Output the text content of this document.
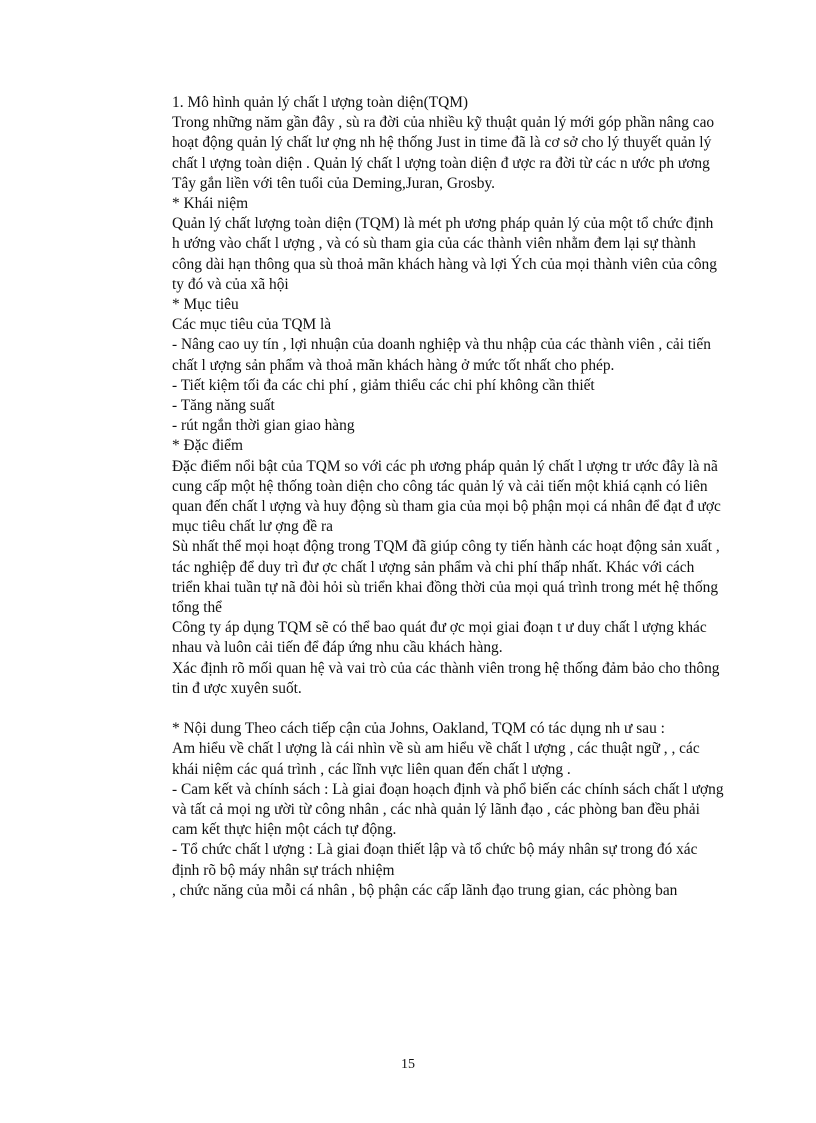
1. Mô hình quản lý chất l ượng toàn diện(TQM)

Trong những năm gần đây , sù ra đời của nhiều kỹ thuật quản lý mới góp phần nâng cao hoạt động quản lý chất lư ợng nh hệ thống Just in time đã là cơ sở cho lý thuyết quản lý chất l ượng toàn diện . Quản lý chất l ượng toàn diện đ ược ra đời từ các n ước ph ương Tây gắn liền với tên tuổi của Deming,Juran, Grosby.

* Khái niệm

Quản lý chất lượng toàn diện (TQM) là mét ph ương pháp quản lý của một tổ chức định h ướng vào chất l ượng , và có sù tham gia của các thành viên nhằm đem lại sự thành công dài hạn thông qua sù thoả mãn khách hàng và lợi Ých của mọi thành viên của công ty đó và của xã hội

* Mục tiêu

Các mục tiêu của TQM là

- Nâng cao uy tín , lợi nhuận của doanh nghiệp và thu nhập của các thành viên , cải tiến chất l ượng sản phẩm và thoả mãn khách hàng ở mức tốt nhất cho phép.

- Tiết kiệm tối đa các chi phí , giảm thiểu các chi phí không cần thiết

- Tăng năng suất

- rút ngắn thời gian giao hàng

* Đặc điểm

Đặc điểm nổi bật của TQM so với các ph ương pháp quản lý chất l ượng tr ước đây là nã cung cấp một hệ thống toàn diện cho công tác quản lý và cải tiến một khiá cạnh có liên quan đến chất l ượng và huy động sù tham gia của mọi bộ phận mọi cá nhân để đạt đ ược mục tiêu chất lư ợng đề ra

Sù nhất thể mọi hoạt động trong TQM đã giúp công ty tiến hành các hoạt động sản xuất , tác nghiệp để duy trì đư ợc chất l ượng sản phẩm và chi phí thấp nhất. Khác với cách triển khai tuần tự nã đòi hỏi sù triển khai đồng thời của mọi quá trình trong mét hệ thống tổng thể

Công ty áp dụng TQM sẽ có thể bao quát đư ợc mọi giai đoạn t ư duy chất l ượng khác nhau và luôn cải tiến để đáp ứng nhu cầu khách hàng.

Xác định rõ mối quan hệ và vai trò của các thành viên trong hệ thống đảm bảo cho thông tin đ ược xuyên suốt.

* Nội dung Theo cách tiếp cận của Johns, Oakland, TQM có tác dụng nh ư sau :

Am hiểu về chất l ượng là cái nhìn về sù am hiểu về chất l ượng , các thuật ngữ , , các khái niệm các quá trình , các lĩnh vực liên quan đến chất l ượng .

- Cam kết và chính sách : Là giai đoạn hoạch định và phổ biến các chính sách chất l ượng và tất cả mọi ng ười từ công nhân , các nhà quản lý lãnh đạo , các phòng ban đều phải cam kết thực hiện một cách tự động.

- Tổ chức chất l ượng : Là giai đoạn thiết lập và tổ chức bộ máy nhân sự trong đó xác định rõ bộ máy nhân sự trách nhiệm

, chức năng của mỗi cá nhân , bộ phận các cấp lãnh đạo trung gian, các phòng ban

15
